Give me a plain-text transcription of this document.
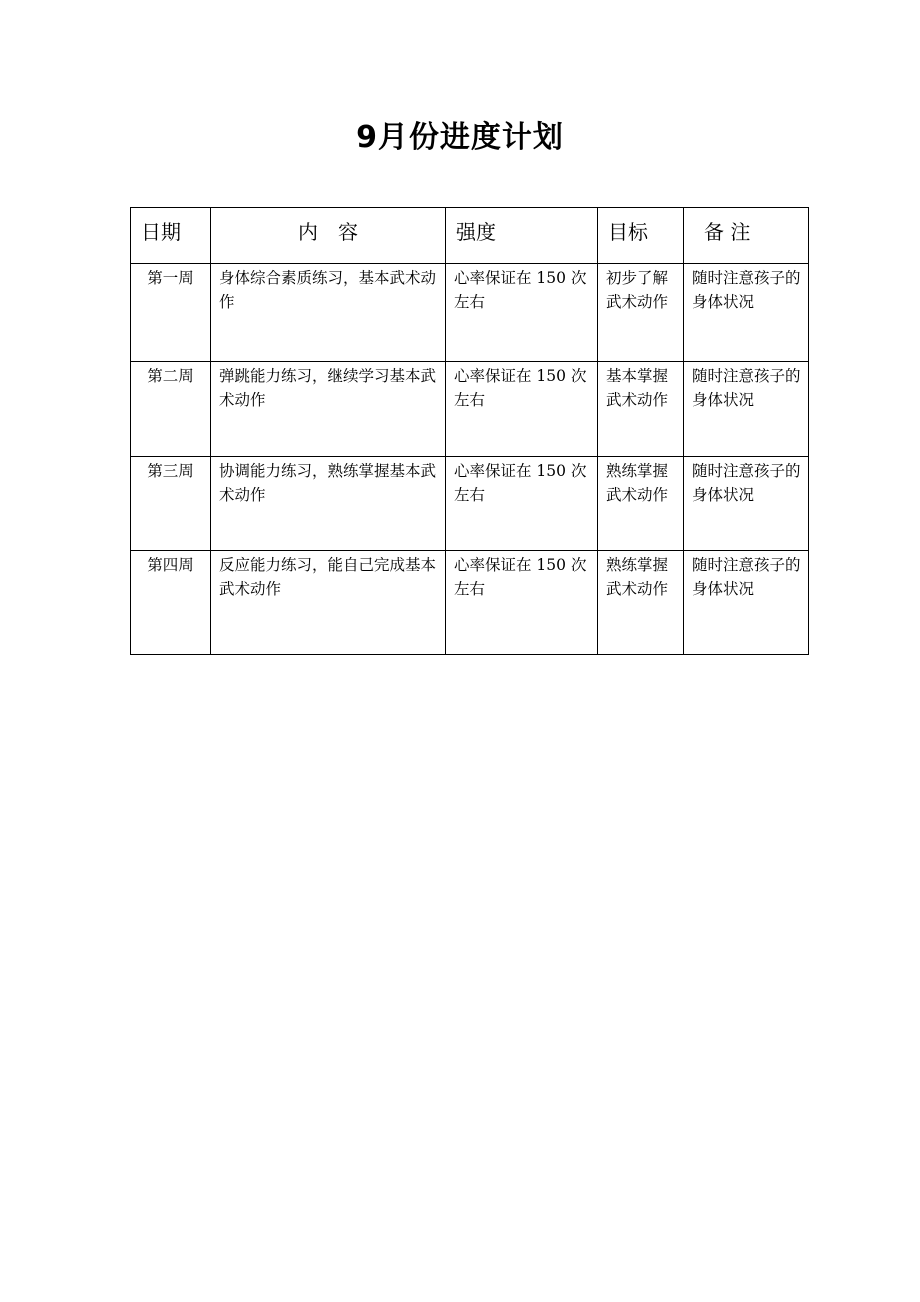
9月份进度计划
日期	内　容	强度	目标	备 注
第一周	身体综合素质练习，基本武术动作	心率保证在 150 次左右	初步了解武术动作	随时注意孩子的身体状况
第二周	弹跳能力练习，继续学习基本武术动作	心率保证在 150 次左右	基本掌握武术动作	随时注意孩子的身体状况
第三周	协调能力练习，熟练掌握基本武术动作	心率保证在 150 次左右	熟练掌握武术动作	随时注意孩子的身体状况
第四周	反应能力练习，能自己完成基本武术动作	心率保证在 150 次左右	熟练掌握武术动作	随时注意孩子的身体状况
